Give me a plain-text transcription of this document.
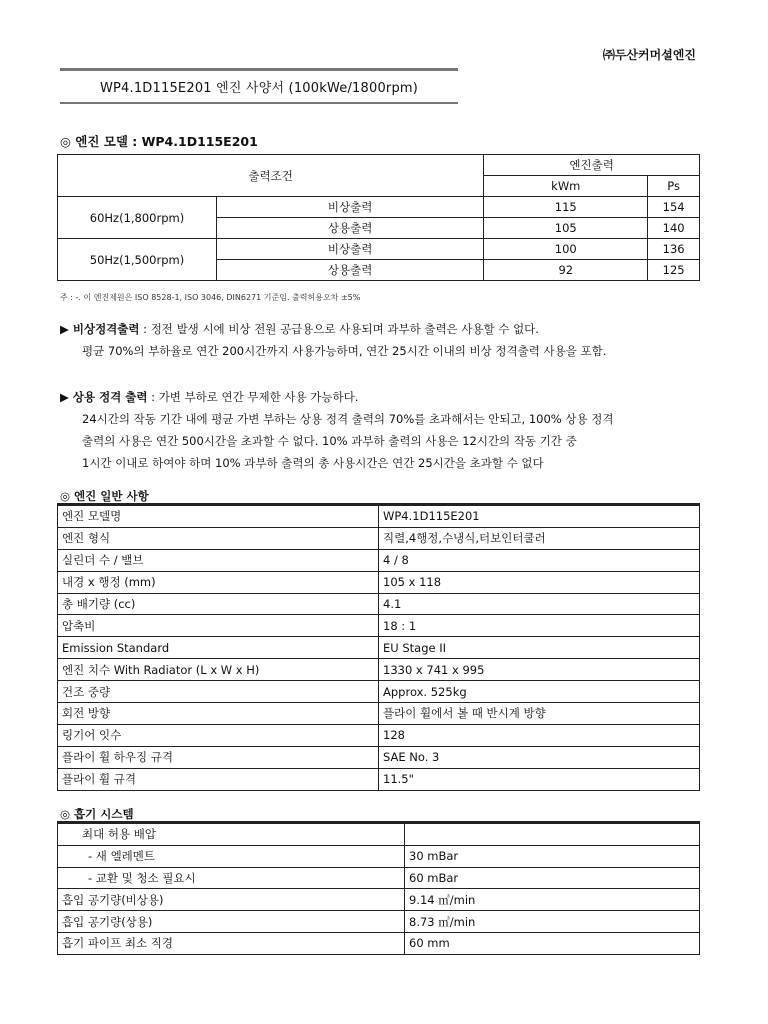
㈜두산커머셜엔진
WP4.1D115E201 엔진 사양서 (100kWe/1800rpm)
◎ 엔진 모델 : WP4.1D115E201
출력조건		엔진출력	
		kWm	Ps
60Hz(1,800rpm)	비상출력	115	154
	상용출력	105	140
50Hz(1,500rpm)	비상출력	100	136
	상용출력	92	125
주 : -. 이 엔진제원은 ISO 8528-1, ISO 3046, DIN6271 기준임. 출력허용오차 ±5%
▶ 비상정격출력 : 정전 발생 시에 비상 전원 공급용으로 사용되며 과부하 출력은 사용할 수 없다.
평균 70%의 부하율로 연간 200시간까지 사용가능하며, 연간 25시간 이내의 비상 정격출력 사용을 포함.
▶ 상용 정격 출력 : 가변 부하로 연간 무제한 사용 가능하다.
24시간의 작동 기간 내에 평균 가변 부하는 상용 정격 출력의 70%를 초과해서는 안되고, 100% 상용 정격
출력의 사용은 연간 500시간을 초과할 수 없다. 10% 과부하 출력의 사용은 12시간의 작동 기간 중
1시간 이내로 하여야 하며 10% 과부하 출력의 총 사용시간은 연간 25시간을 초과할 수 없다
◎ 엔진 일반 사항
엔진 모델명	WP4.1D115E201
엔진 형식	직렬,4행정,수냉식,터보인터쿨러
실린더 수 / 밸브	4 / 8
내경 x 행정 (mm)	105 x 118
총 배기량 (cc)	4.1
압축비	18 : 1
Emission Standard	EU Stage II
엔진 치수 With Radiator (L x W x H)	1330 x 741 x 995
건조 중량	Approx. 525kg
회전 방향	플라이 휠에서 볼 때 반시계 방향
링기어 잇수	128
플라이 휠 하우징 규격	SAE No. 3
플라이 휠 규격	11.5"
◎ 흡기 시스템
최대 허용 배압	
- 새 엘레멘트	30 mBar
- 교환 및 청소 필요시	60 mBar
흡입 공기량(비상용)	9.14 ㎥/min
흡입 공기량(상용)	8.73 ㎥/min
흡기 파이프 최소 직경	60 mm
